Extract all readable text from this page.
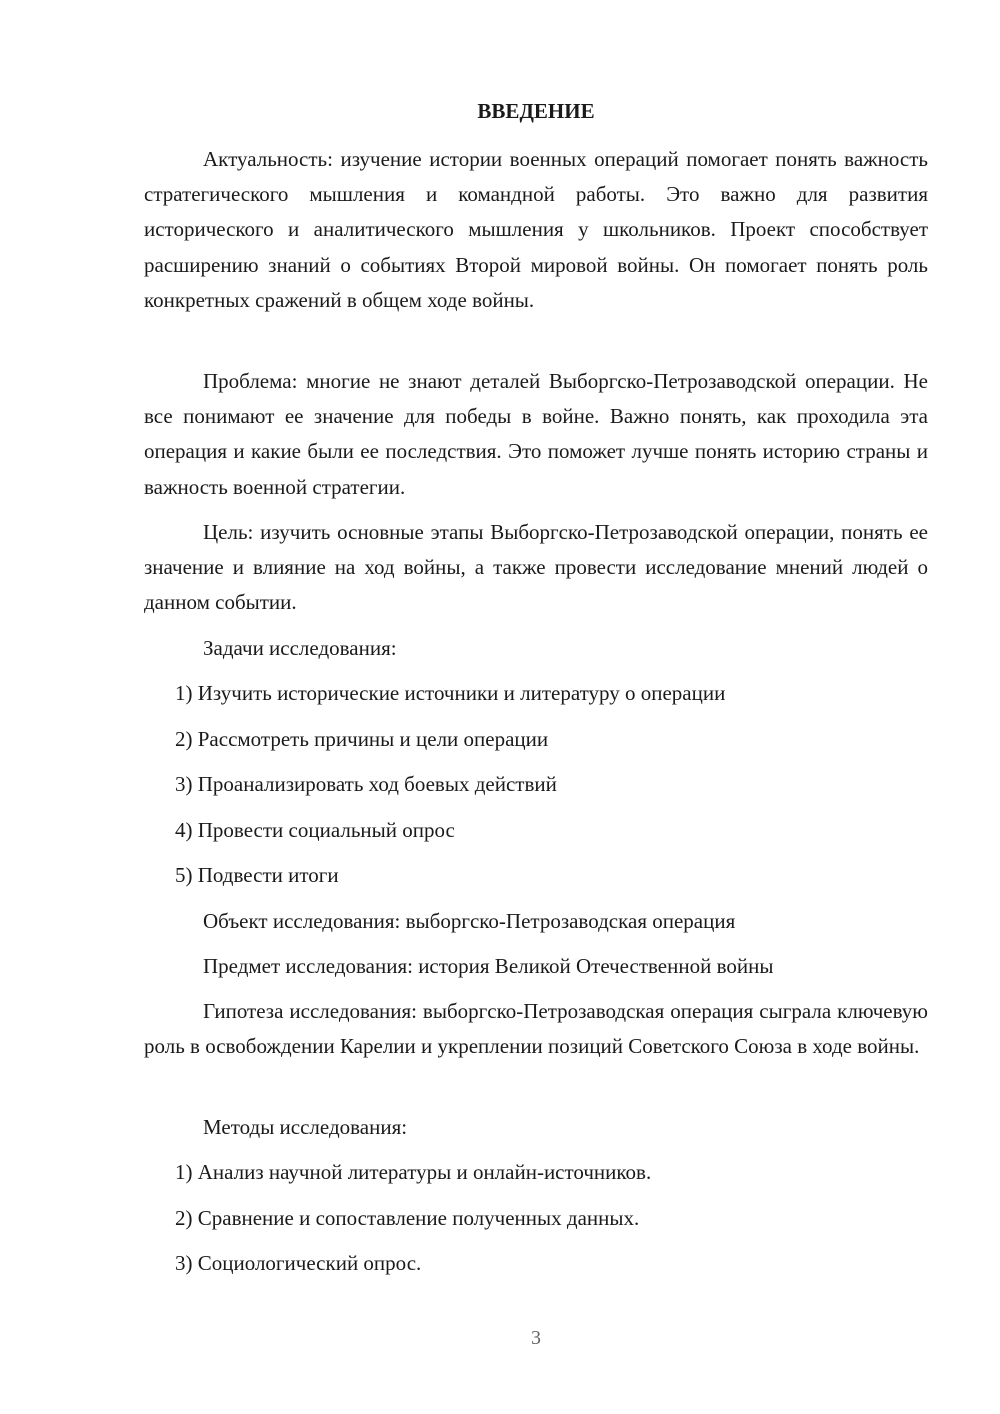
ВВЕДЕНИЕ

Актуальность: изучение истории военных операций помогает понять важность стратегического мышления и командной работы. Это важно для развития исторического и аналитического мышления у школьников. Проект способствует расширению знаний о событиях Второй мировой войны. Он помогает понять роль конкретных сражений в общем ходе войны.

Проблема: многие не знают деталей Выборгско-Петрозаводской операции. Не все понимают ее значение для победы в войне. Важно понять, как проходила эта операция и какие были ее последствия. Это поможет лучше понять историю страны и важность военной стратегии.

Цель: изучить основные этапы Выборгско-Петрозаводской операции, понять ее значение и влияние на ход войны, а также провести исследование мнений людей о данном событии.

Задачи исследования:

1) Изучить исторические источники и литературу о операции

2) Рассмотреть причины и цели операции

3) Проанализировать ход боевых действий

4) Провести социальный опрос

5) Подвести итоги

Объект исследования: выборгско-Петрозаводская операция

Предмет исследования: история Великой Отечественной войны

Гипотеза исследования: выборгско-Петрозаводская операция сыграла ключевую роль в освобождении Карелии и укреплении позиций Советского Союза в ходе войны.

Методы исследования:

1) Анализ научной литературы и онлайн-источников.

2) Сравнение и сопоставление полученных данных.

3) Социологический опрос.

3
